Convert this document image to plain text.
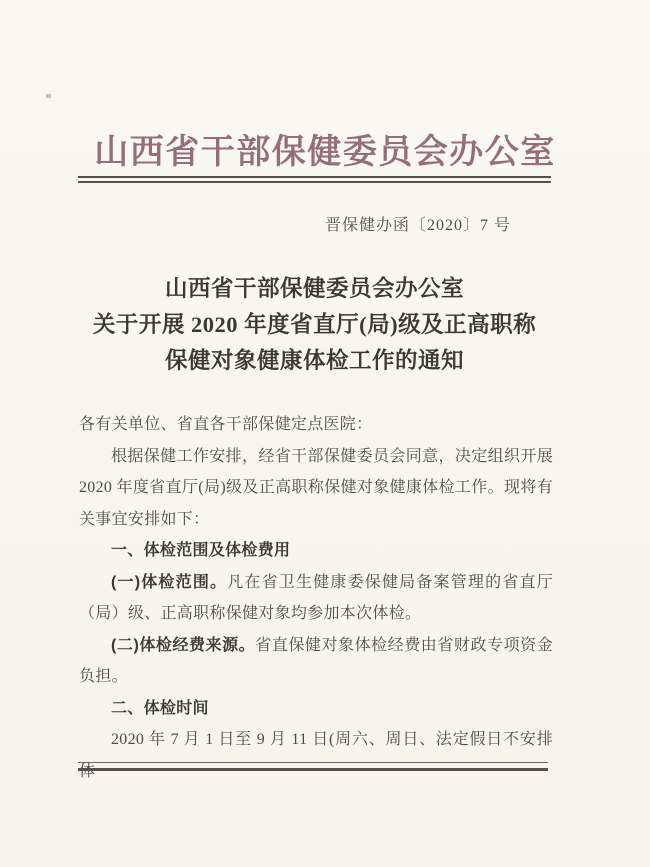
山西省干部保健委员会办公室
晋保健办函〔2020〕7 号
山西省干部保健委员会办公室
关于开展 2020 年度省直厅(局)级及正高职称
保健对象健康体检工作的通知

各有关单位、省直各干部保健定点医院：

根据保健工作安排，经省干部保健委员会同意，决定组织开展 2020 年度省直厅(局)级及正高职称保健对象健康体检工作。现将有关事宜安排如下：

一、体检范围及体检费用

(一)体检范围。凡在省卫生健康委保健局备案管理的省直厅（局）级、正高职称保健对象均参加本次体检。

(二)体检经费来源。省直保健对象体检经费由省财政专项资金负担。

二、体检时间

2020 年 7 月 1 日至 9 月 11 日(周六、周日、法定假日不安排体
